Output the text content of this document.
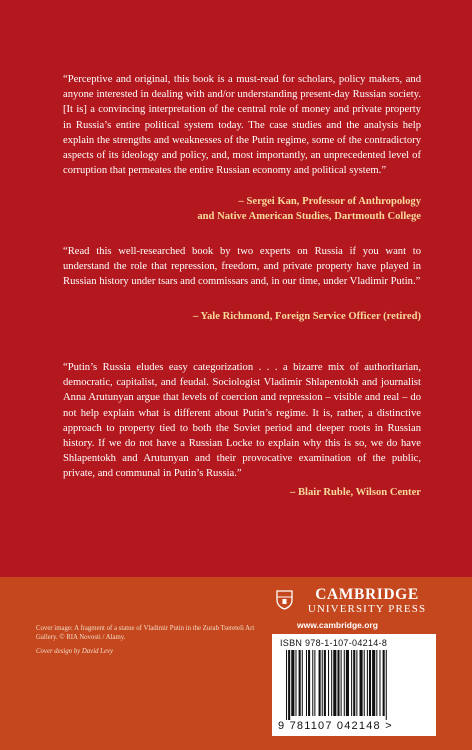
“Perceptive and original, this book is a must-read for scholars, policy makers, and anyone interested in dealing with and/or understanding present-day Russian society. [It is] a convincing interpretation of the central role of money and private property in Russia’s entire political system today. The case studies and the analysis help explain the strengths and weaknesses of the Putin regime, some of the contradictory aspects of its ideology and policy, and, most importantly, an unprecedented level of corruption that permeates the entire Russian economy and political system.”

– Sergei Kan, Professor of Anthropology
and Native American Studies, Dartmouth College

“Read this well-researched book by two experts on Russia if you want to understand the role that repression, freedom, and private property have played in Russian history under tsars and commissars and, in our time, under Vladimir Putin.”

– Yale Richmond, Foreign Service Officer (retired)

“Putin’s Russia eludes easy categorization . . . a bizarre mix of authoritarian, democratic, capitalist, and feudal. Sociologist Vladimir Shlapentokh and journalist Anna Arutunyan argue that levels of coercion and repression – visible and real – do not help explain what is different about Putin’s regime. It is, rather, a distinctive approach to property tied to both the Soviet period and deeper roots in Russian history. If we do not have a Russian Locke to explain why this is so, we do have Shlapentokh and Arutunyan and their provocative examination of the public, private, and communal in Putin’s Russia.”

– Blair Ruble, Wilson Center

Cover image: A fragment of a statue of Vladimir Putin in the Zurab Tsereteli Art Gallery. © RIA Novosti / Alamy.

Cover design by David Levy

CAMBRIDGE
UNIVERSITY PRESS
www.cambridge.org
ISBN 978-1-107-04214-8
9 781107 042148 >
